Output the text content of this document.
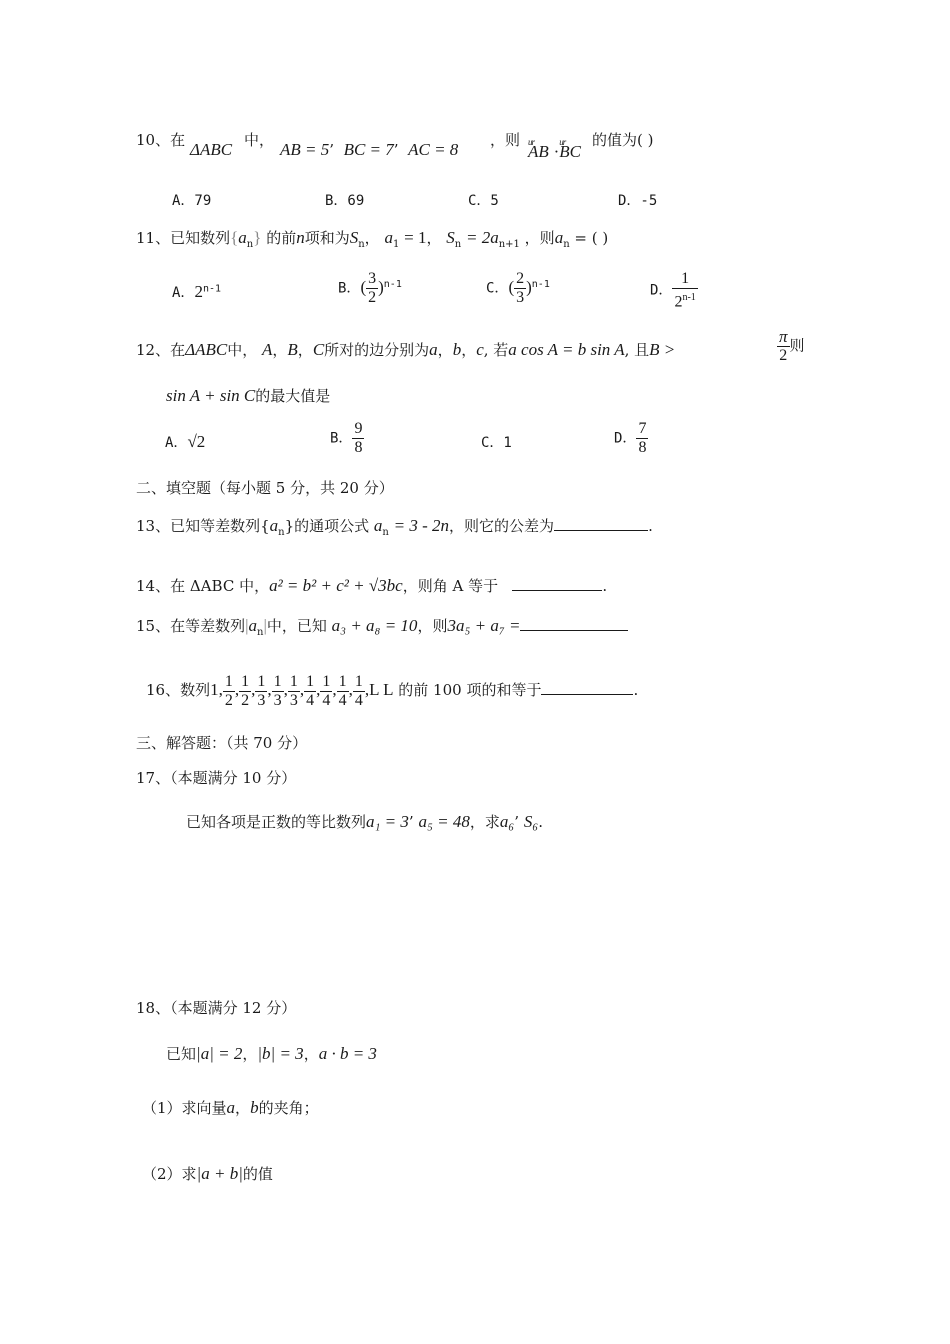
10、在 ΔABC 中， AB = 5’  BC = 7’  AC = 8 ，则
ur AB ·ur BC
的值为( )
A．79	B．69	C．5	D．-5
11、已知数列$\{a_n\}$ 的前n项和为$S_n$， $a_1 = 1$， $S_n = 2a_{n+1}$ ，则$a_n$ = ( )
A．2$^{n-1}$	B．( $\frac{3}{2} )^{n-1}$	C．( $\frac{2}{3} )^{n-1}$	D． $\frac{1}{2^{n-1}}$
12、在ΔABC中， A，B，C所对的边分别为a，b，c, 若a cos A = b sin A, 且B >	$\frac{\pi}{2}$ 则
sin A + sin C的最大值是
A．√2	B． $\frac{9}{8}$	C．1	D． $\frac{7}{8}$
二、填空题（每小题 5 分，共 20 分）
13、已知等差数列$\{a_n\}$的通项公式 $a_n = 3 - 2n$，则它的公差为	.
14、在 ΔABC 中，a² = b² + c² + √3bc，则角 A 等于	.
15、在等差数列$|a_n|$中，已知 a₃ + a₈ = 10，则3a₅ + a₇ =
16、数列1, $\frac{1}{2}$ , $\frac{1}{2}$ , $\frac{1}{3}$ , $\frac{1}{3}$ , $\frac{1}{3}$ , $\frac{1}{4}$ , $\frac{1}{4}$ , $\frac{1}{4}$ , $\frac{1}{4} ,L$ L 的前 100 项的和等于	.
三、解答题：（共 70 分）
17、（本题满分 10 分）
已知各项是正数的等比数列a₁ = 3’ a₅ = 48，求a₆’ S₆.
18、（本题满分 12 分）
已知|a| = 2，|b| = 3，a · b = 3
（1）求向量a，b的夹角；
（2）求|a + b|的值
